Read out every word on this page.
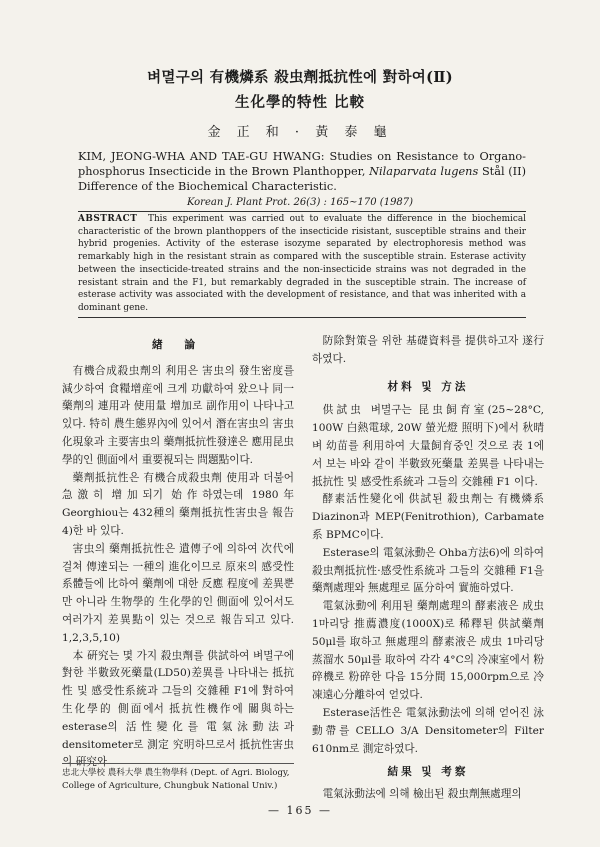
벼멸구의 有機燐系 殺虫劑抵抗性에 對하여(Ⅱ)
生化學的特性 比較
金 正 和 · 黃 泰 龜
KIM, JEONG-WHA AND TAE-GU HWANG: Studies on Resistance to Organo-phosphorus Insecticide in the Brown Planthopper, Nilaparvata lugens Stål (II) Difference of the Biochemical Characteristic.
Korean J. Plant Prot. 26(3) : 165~170 (1987)
ABSTRACT This experiment was carried out to evaluate the difference in the biochemical characteristic of the brown planthoppers of the insecticide risistant, susceptible strains and their hybrid progenies. Activity of the esterase isozyme separated by electrophoresis method was remarkably high in the resistant strain as compared with the susceptible strain. Esterase activity between the insecticide-treated strains and the non-insecticide strains was not degraded in the resistant strain and the F1, but remarkably degraded in the susceptible strain. The increase of esterase activity was associated with the development of resistance, and that was inherited with a dominant gene.
緖 論

有機合成殺虫劑의 利用은 害虫의 發生密度를 減少하여 食糧增産에 크게 功獻하여 왔으나 同一藥劑의 連用과 使用量 增加로 副作用이 나타나고 있다. 特히 農生態界內에 있어서 潛在害虫의 害虫化現象과 主要害虫의 藥劑抵抗性發達은 應用昆虫學的인 側面에서 重要視되는 問題點이다.

藥劑抵抗性은 有機合成殺虫劑 使用과 더불어 急激히 增加되기 始作하였는데 1980年 Georghiou는 432種의 藥劑抵抗性害虫을 報告4)한 바 있다.

害虫의 藥劑抵抗性은 遺傳子에 의하여 次代에 걸쳐 傳達되는 一種의 進化이므로 原來의 感受性系體들에 比하여 藥劑에 대한 反應 程度에 差異뿐만 아니라 生物學的 生化學的인 側面에 있어서도 여러가지 差異點이 있는 것으로 報告되고 있다. 1,2,3,5,10)

本 硏究는 몇 가지 殺虫劑를 供試하여 벼멸구에 對한 半數致死藥量(LD50)差異를 나타내는 抵抗性 및 感受性系統과 그들의 交雜種 F1에 對하여 生化學的 側面에서 抵抗性機作에 關與하는 esterase의 活性變化를 電氣泳動法과 densitometer로 測定 究明하므로서 抵抗性害虫의 硏究와

忠北大學校 農科大學 農生物學科 (Dept. of Agri. Biology, College of Agriculture, Chungbuk National Univ.)

防除對策을 위한 基礎資料를 提供하고자 遂行하였다.

材料 및 方法

供試虫 벼멸구는 昆虫飼育室(25~28°C, 100W 白熱電球, 20W 螢光燈 照明下)에서 秋晴벼 幼苗를 利用하여 大量飼育중인 것으로 表 1에서 보는 바와 같이 半數致死藥量 差異를 나타내는 抵抗性 및 感受性系統과 그들의 交雜種 F1 이다.

酵素活性變化에 供試된 殺虫劑는 有機燐系 Diazinon과 MEP(Fenitrothion), Carbamate系 BPMC이다.

Esterase의 電氣泳動은 Ohba方法6)에 의하여 殺虫劑抵抗性·感受性系統과 그들의 交雜種 F1을 藥劑處理와 無處理로 區分하여 實施하였다.

電氣泳動에 利用된 藥劑處理의 酵素液은 成虫 1마리당 推薦濃度(1000X)로 稀釋된 供試藥劑 50μl를 取하고 無處理의 酵素液은 成虫 1마리당 蒸溜水 50μl를 取하여 각각 4°C의 冷凍室에서 粉碎機로 粉碎한 다음 15分間 15,000rpm으로 冷凍遠心分離하여 얻었다.

Esterase活性은 電氣泳動法에 의해 얻어진 泳動帶를 CELLO 3/A Densitometer의 Filter 610nm로 測定하였다.

結果 및 考察

電氣泳動法에 의해 檢出된 殺虫劑無處理의

— 165 —
